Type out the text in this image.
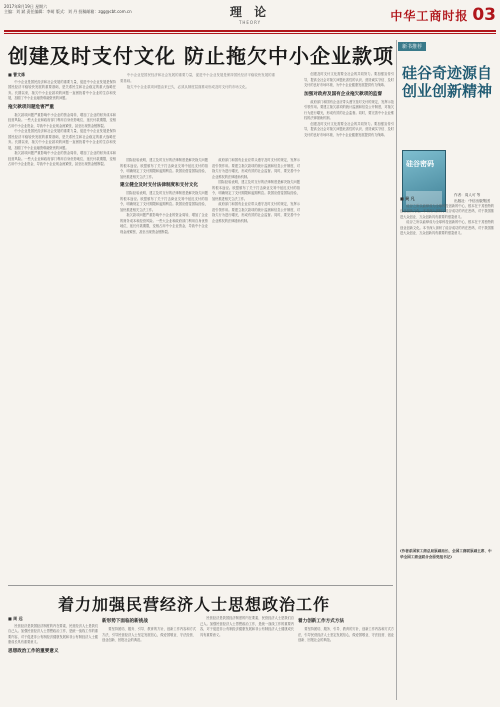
2017年8月19日 星期六
主编：刘 斌 责任编辑：李萌 版式：刘 丹 投稿邮箱：zgg@cbt.com.cn	理 论
THEORY	中华工商时报 03
创建及时支付文化 防止拖欠中小企业款项
中小企业是国民经济和社会发展的重要力量，促进中小企业发展是保持国民经济平稳较快发展的重要基础。
拖欠中小企业款项问题由来已久，必须从制度层面推动形成及时支付的市场文化。
■ 曹文炼
中小企业是国民经济和社会发展的重要力量，促进中小企业发展是保持国民经济平稳较快发展的重要基础，是关系民生和社会稳定的重大战略任务。长期以来，拖欠中小企业款项的问题一直困扰着中小企业的生存和发展，加剧了中小企业融资难融资贵的问题。
拖欠款项问题危害严重
拖欠款项问题严重影响中小企业的资金周转，增加了企业的财务成本和经营风险。一些大企业和政府部门利用自身优势地位，延长付款期限，变相占用中小企业资金，导致中小企业现金流紧张，甚至出现资金链断裂。
中小企业是国民经济和社会发展的重要力量，促进中小企业发展是保持国民经济平稳较快发展的重要基础，是关系民生和社会稳定的重大战略任务。长期以来，拖欠中小企业款项的问题一直困扰着中小企业的生存和发展，加剧了中小企业融资难融资贵的问题。
拖欠款项问题严重影响中小企业的资金周转，增加了企业的财务成本和经营风险。一些大企业和政府部门利用自身优势地位，延长付款期限，变相占用中小企业资金，导致中小企业现金流紧张，甚至出现资金链断裂。
国际经验表明，建立及时支付的法律制度是解决拖欠问题的根本途径。欧盟颁布了关于打击商业交易中延迟支付的指令，明确规定了支付期限和逾期利息。我国应借鉴国际经验，加快推进相关立法工作。
建立健全及时支付法律制度和支付文化
国际经验表明，建立及时支付的法律制度是解决拖欠问题的根本途径。欧盟颁布了关于打击商业交易中延迟支付的指令，明确规定了支付期限和逾期利息。我国应借鉴国际经验，加快推进相关立法工作。
拖欠款项问题严重影响中小企业的资金周转，增加了企业的财务成本和经营风险。一些大企业和政府部门利用自身优势地位，延长付款期限，变相占用中小企业资金，导致中小企业现金流紧张，甚至出现资金链断裂。
政府部门和国有企业应带头遵守及时支付的规定，发挥示范引领作用。要建立拖欠款项的统计监测和信息公开制度，对拖欠行为进行曝光，形成有效的社会监督。同时，要完善中小企业维权的法律援助机制。
国际经验表明，建立及时支付的法律制度是解决拖欠问题的根本途径。欧盟颁布了关于打击商业交易中延迟支付的指令，明确规定了支付期限和逾期利息。我国应借鉴国际经验，加快推进相关立法工作。
政府部门和国有企业应带头遵守及时支付的规定，发挥示范引领作用。要建立拖欠款项的统计监测和信息公开制度，对拖欠行为进行曝光，形成有效的社会监督。同时，要完善中小企业维权的法律援助机制。
创建及时支付文化需要全社会的共同努力。要加强宣传引导，提高全社会对拖欠问题危害性的认识，营造诚实守信、及时支付的良好市场环境，为中小企业健康发展提供有力保障。
加强对政府及国有企业拖欠款项的监督
政府部门和国有企业应带头遵守及时支付的规定，发挥示范引领作用。要建立拖欠款项的统计监测和信息公开制度，对拖欠行为进行曝光，形成有效的社会监督。同时，要完善中小企业维权的法律援助机制。
创建及时支付文化需要全社会的共同努力。要加强宣传引导，提高全社会对拖欠问题危害性的认识，营造诚实守信、及时支付的良好市场环境，为中小企业健康发展提供有力保障。
着力加强民营经济人士思想政治工作
■ 周 远
民营经济是我国经济制度的内在要素，民营经济人士是我们自己人。加强民营经济人士思想政治工作，是统一战线工作的重要内容，对于促进非公有制经济健康发展和非公有制经济人士健康成长具有重要意义。
思想政治工作的重要意义
新形势下面临的新挑战
要坚持团结、服务、引导、教育的方针，创新工作内容和方式方法，引导民营经济人士坚定发展信心，做爱国敬业、守法经营、创业创新、回报社会的典范。
民营经济是我国经济制度的内在要素，民营经济人士是我们自己人。加强民营经济人士思想政治工作，是统一战线工作的重要内容，对于促进非公有制经济健康发展和非公有制经济人士健康成长具有重要意义。
着力创新工作方式方法
要坚持团结、服务、引导、教育的方针，创新工作内容和方式方法，引导民营经济人士坚定发展信心，做爱国敬业、守法经营、创业创新、回报社会的典范。
新书推荐
硅谷奇迹源自创业创新精神
硅谷密码
作者：周人可 等
出版社：中信出版集团
■ 吴 凡
硅谷之所以能够成为全球科技创新的中心，根本在于其独特的创业创新文化。本书深入剖析了硅谷成功的内在密码，对于我国推进大众创业、万众创新具有重要的借鉴意义。
硅谷之所以能够成为全球科技创新的中心，根本在于其独特的创业创新文化。本书深入剖析了硅谷成功的内在密码，对于我国推进大众创业、万众创新具有重要的借鉴意义。
(作者系国家工商总局原副局长、全国工商联原副主席、中华全国工商业联合会原党组书记)
